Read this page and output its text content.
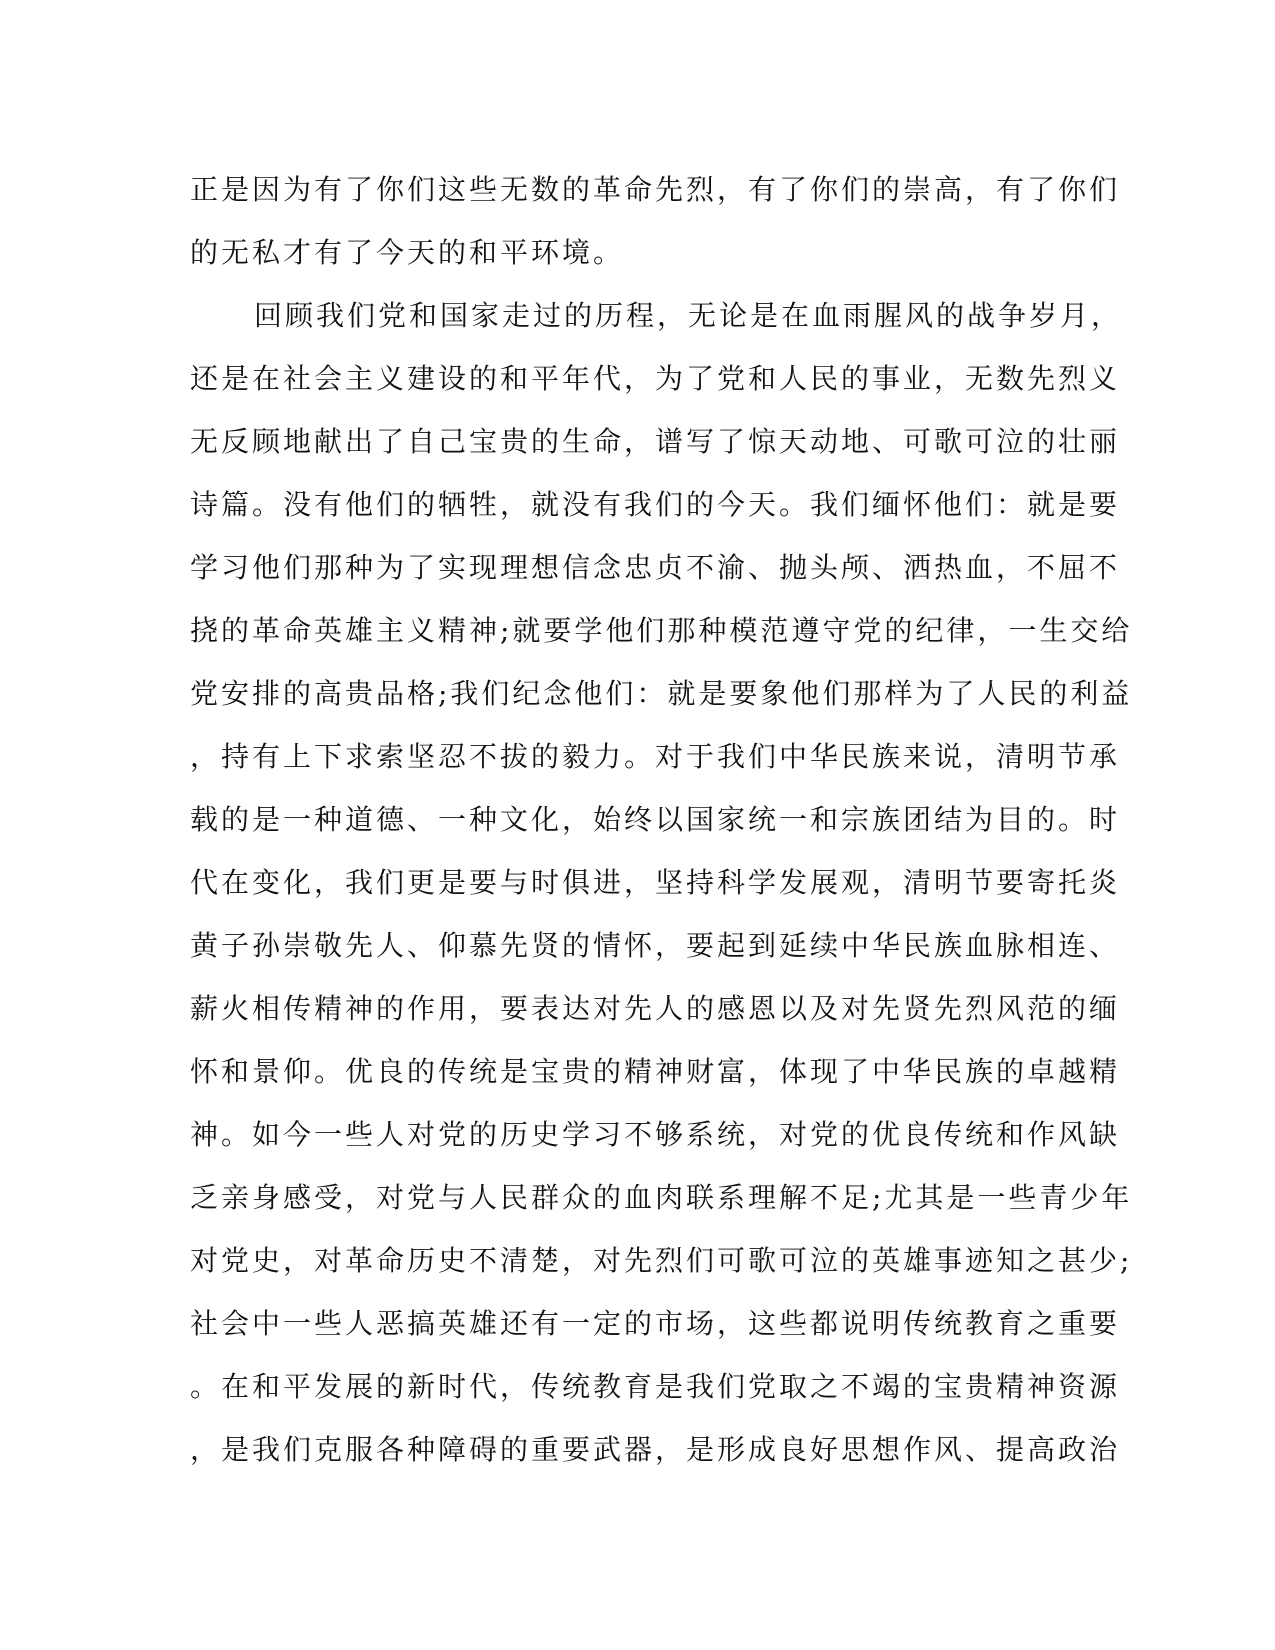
正是因为有了你们这些无数的革命先烈，有了你们的崇高，有了你们
的无私才有了今天的和平环境。
回顾我们党和国家走过的历程，无论是在血雨腥风的战争岁月，
还是在社会主义建设的和平年代，为了党和人民的事业，无数先烈义
无反顾地献出了自己宝贵的生命，谱写了惊天动地、可歌可泣的壮丽
诗篇。没有他们的牺牲，就没有我们的今天。我们缅怀他们：就是要
学习他们那种为了实现理想信念忠贞不渝、抛头颅、洒热血，不屈不
挠的革命英雄主义精神;就要学他们那种模范遵守党的纪律，一生交给
党安排的高贵品格;我们纪念他们：就是要象他们那样为了人民的利益
，持有上下求索坚忍不拔的毅力。对于我们中华民族来说，清明节承
载的是一种道德、一种文化，始终以国家统一和宗族团结为目的。时
代在变化，我们更是要与时俱进，坚持科学发展观，清明节要寄托炎
黄子孙崇敬先人、仰慕先贤的情怀，要起到延续中华民族血脉相连、
薪火相传精神的作用，要表达对先人的感恩以及对先贤先烈风范的缅
怀和景仰。优良的传统是宝贵的精神财富，体现了中华民族的卓越精
神。如今一些人对党的历史学习不够系统，对党的优良传统和作风缺
乏亲身感受，对党与人民群众的血肉联系理解不足;尤其是一些青少年
对党史，对革命历史不清楚，对先烈们可歌可泣的英雄事迹知之甚少;
社会中一些人恶搞英雄还有一定的市场，这些都说明传统教育之重要
。在和平发展的新时代，传统教育是我们党取之不竭的宝贵精神资源
，是我们克服各种障碍的重要武器，是形成良好思想作风、提高政治
